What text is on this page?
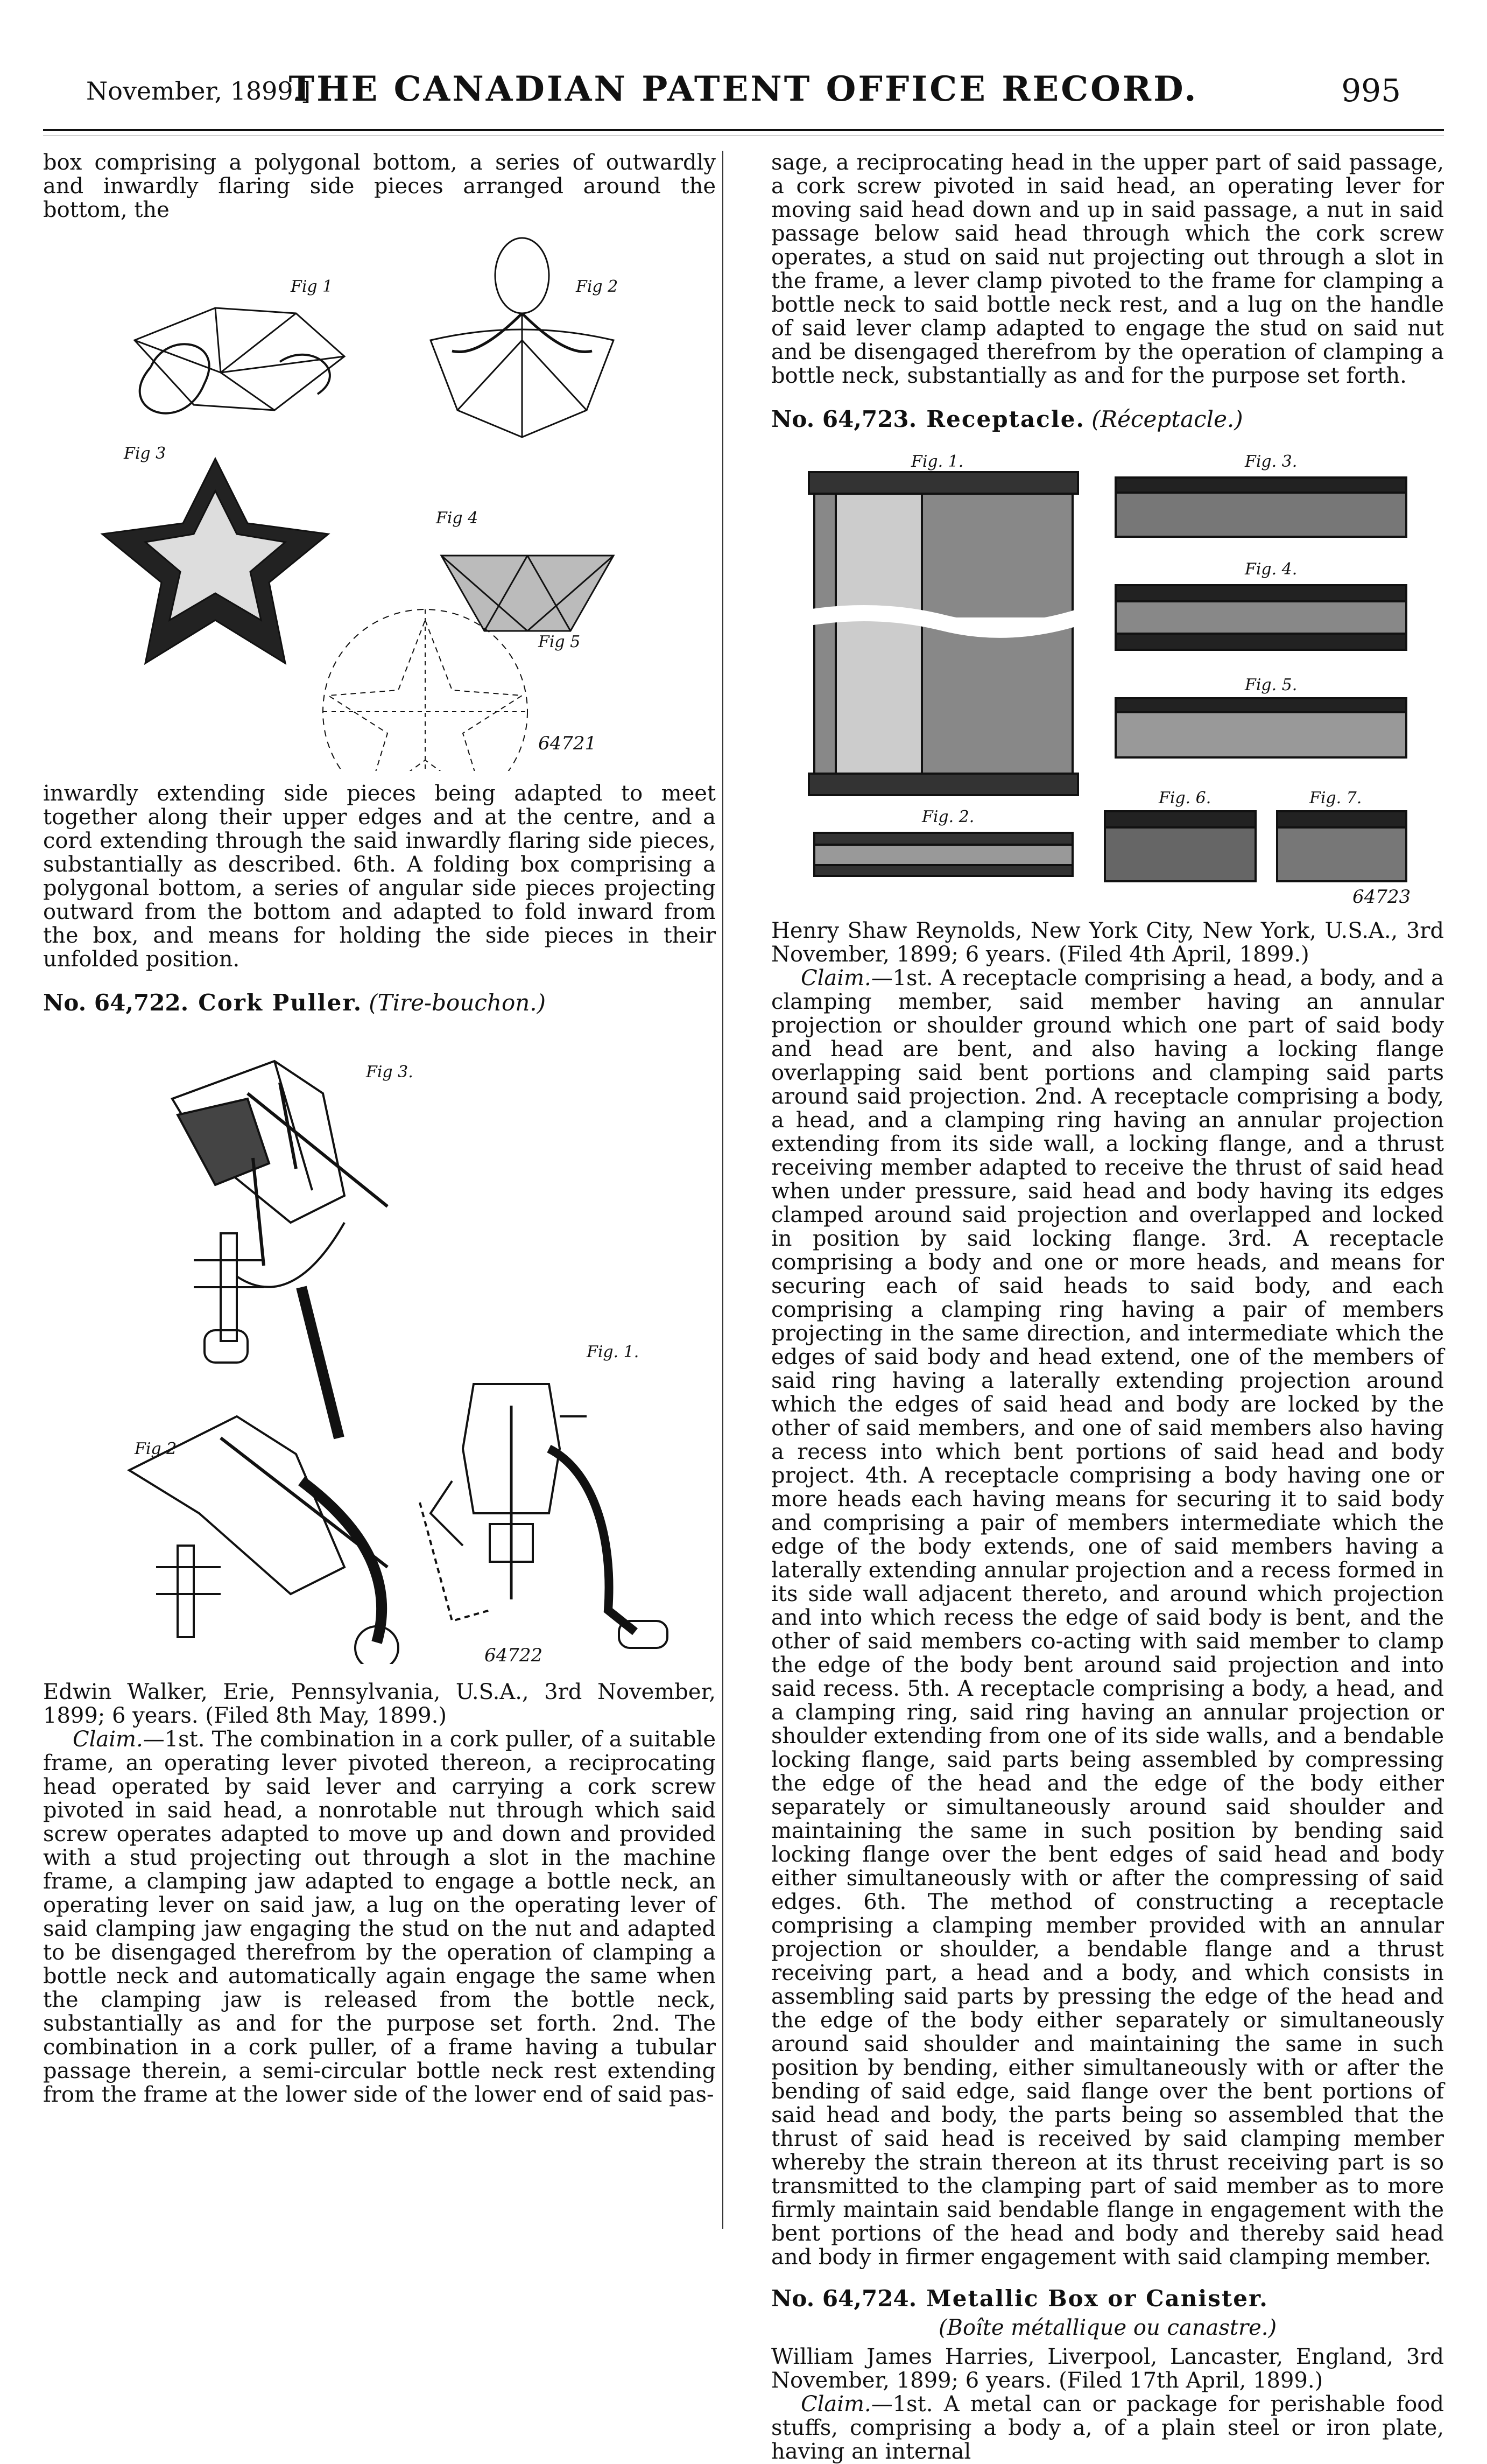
November, 1899.]
THE CANADIAN PATENT OFFICE RECORD.	995

box comprising a polygonal bottom, a series of outwardly and inwardly flaring side pieces arranged around the bottom, the

Fig 1	Fig 2
Fig 3
Fig 4
Fig 5
64721

inwardly extending side pieces being adapted to meet together along their upper edges and at the centre, and a cord extending through the said inwardly flaring side pieces, substantially as described. 6th. A folding box comprising a polygonal bottom, a series of angular side pieces projecting outward from the bottom and adapted to fold inward from the box, and means for holding the side pieces in their unfolded position.

No. 64,722. Cork Puller. (Tire-bouchon.)
Fig 3.
Fig. 1.
Fig 2
64722

Edwin Walker, Erie, Pennsylvania, U.S.A., 3rd November, 1899; 6 years. (Filed 8th May, 1899.)

Claim.—1st. The combination in a cork puller, of a suitable frame, an operating lever pivoted thereon, a reciprocating head operated by said lever and carrying a cork screw pivoted in said head, a nonrotable nut through which said screw operates adapted to move up and down and provided with a stud projecting out through a slot in the machine frame, a clamping jaw adapted to engage a bottle neck, an operating lever on said jaw, a lug on the operating lever of said clamping jaw engaging the stud on the nut and adapted to be disengaged therefrom by the operation of clamping a bottle neck and automatically again engage the same when the clamping jaw is released from the bottle neck, substantially as and for the purpose set forth. 2nd. The combination in a cork puller, of a frame having a tubular passage therein, a semi-circular bottle neck rest extending from the frame at the lower side of the lower end of said pas-

sage, a reciprocating head in the upper part of said passage, a cork screw pivoted in said head, an operating lever for moving said head down and up in said passage, a nut in said passage below said head through which the cork screw operates, a stud on said nut projecting out through a slot in the frame, a lever clamp pivoted to the frame for clamping a bottle neck to said bottle neck rest, and a lug on the handle of said lever clamp adapted to engage the stud on said nut and be disengaged therefrom by the operation of clamping a bottle neck, substantially as and for the purpose set forth.

No. 64,723. Receptacle. (Réceptacle.)
Fig. 1.	Fig. 3.
Fig. 4.
Fig. 5.
Fig. 2.
Fig. 6.	Fig. 7.
64723

Henry Shaw Reynolds, New York City, New York, U.S.A., 3rd November, 1899; 6 years. (Filed 4th April, 1899.)

Claim.—1st. A receptacle comprising a head, a body, and a clamping member, said member having an annular projection or shoulder ground which one part of said body and head are bent, and also having a locking flange overlapping said bent portions and clamping said parts around said projection. 2nd. A receptacle comprising a body, a head, and a clamping ring having an annular projection extending from its side wall, a locking flange, and a thrust receiving member adapted to receive the thrust of said head when under pressure, said head and body having its edges clamped around said projection and overlapped and locked in position by said locking flange. 3rd. A receptacle comprising a body and one or more heads, and means for securing each of said heads to said body, and each comprising a clamping ring having a pair of members projecting in the same direction, and intermediate which the edges of said body and head extend, one of the members of said ring having a laterally extending projection around which the edges of said head and body are locked by the other of said members, and one of said members also having a recess into which bent portions of said head and body project. 4th. A receptacle comprising a body having one or more heads each having means for securing it to said body and comprising a pair of members intermediate which the edge of the body extends, one of said members having a laterally extending annular projection and a recess formed in its side wall adjacent thereto, and around which projection and into which recess the edge of said body is bent, and the other of said members co-acting with said member to clamp the edge of the body bent around said projection and into said recess. 5th. A receptacle comprising a body, a head, and a clamping ring, said ring having an annular projection or shoulder extending from one of its side walls, and a bendable locking flange, said parts being assembled by compressing the edge of the head and the edge of the body either separately or simultaneously around said shoulder and maintaining the same in such position by bending said locking flange over the bent edges of said head and body either simultaneously with or after the compressing of said edges. 6th. The method of constructing a receptacle comprising a clamping member provided with an annular projection or shoulder, a bendable flange and a thrust receiving part, a head and a body, and which consists in assembling said parts by pressing the edge of the head and the edge of the body either separately or simultaneously around said shoulder and maintaining the same in such position by bending, either simultaneously with or after the bending of said edge, said flange over the bent portions of said head and body, the parts being so assembled that the thrust of said head is received by said clamping member whereby the strain thereon at its thrust receiving part is so transmitted to the clamping part of said member as to more firmly maintain said bendable flange in engagement with the bent portions of the head and body and thereby said head and body in firmer engagement with said clamping member.

No. 64,724. Metallic Box or Canister.
(Boîte métallique ou canastre.)

William James Harries, Liverpool, Lancaster, England, 3rd November, 1899; 6 years. (Filed 17th April, 1899.)

Claim.—1st. A metal can or package for perishable food stuffs, comprising a body a, of a plain steel or iron plate, having an internal
